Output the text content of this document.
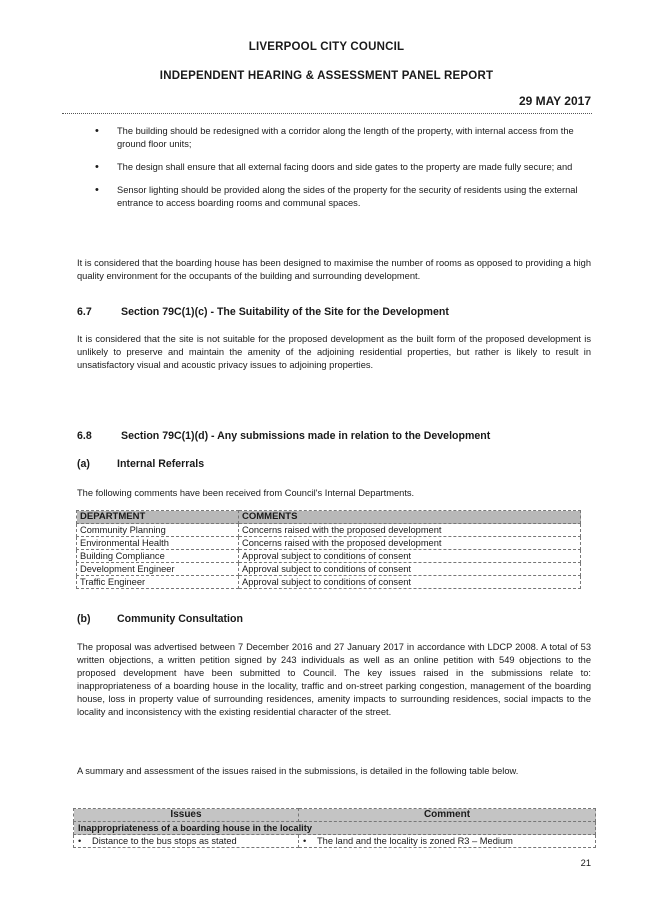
LIVERPOOL CITY COUNCIL
INDEPENDENT HEARING & ASSESSMENT PANEL REPORT
29 MAY 2017
• The building should be redesigned with a corridor along the length of the property, with internal access from the ground floor units;
• The design shall ensure that all external facing doors and side gates to the property are made fully secure; and
• Sensor lighting should be provided along the sides of the property for the security of residents using the external entrance to access boarding rooms and communal spaces.

It is considered that the boarding house has been designed to maximise the number of rooms as opposed to providing a high quality environment for the occupants of the building and surrounding development.

6.7	Section 79C(1)(c) - The Suitability of the Site for the Development

It is considered that the site is not suitable for the proposed development as the built form of the proposed development is unlikely to preserve and maintain the amenity of the adjoining residential properties, but rather is likely to result in unsatisfactory visual and acoustic privacy issues to adjoining properties.

6.8	Section 79C(1)(d) - Any submissions made in relation to the Development
(a)	Internal Referrals

The following comments have been received from Council's Internal Departments.

DEPARTMENT	COMMENTS
Community Planning	Concerns raised with the proposed development
Environmental Health	Concerns raised with the proposed development
Building Compliance	Approval subject to conditions of consent
Development Engineer	Approval subject to conditions of consent
Traffic Engineer	Approval subject to conditions of consent
(b) Community Consultation

The proposal was advertised between 7 December 2016 and 27 January 2017 in accordance with LDCP 2008. A total of 53 written objections, a written petition signed by 243 individuals as well as an online petition with 549 objections to the proposed development have been submitted to Council. The key issues raised in the submissions relate to: inappropriateness of a boarding house in the locality, traffic and on-street parking congestion, management of the boarding house, loss in property value of surrounding residences, amenity impacts to surrounding residences, social impacts to the locality and inconsistency with the existing residential character of the street.

A summary and assessment of the issues raised in the submissions, is detailed in the following table below.

Issues	Comment
Inappropriateness of a boarding house in the locality	
• Distance to the bus stops as stated	• The land and the locality is zoned R3 – Medium
21
